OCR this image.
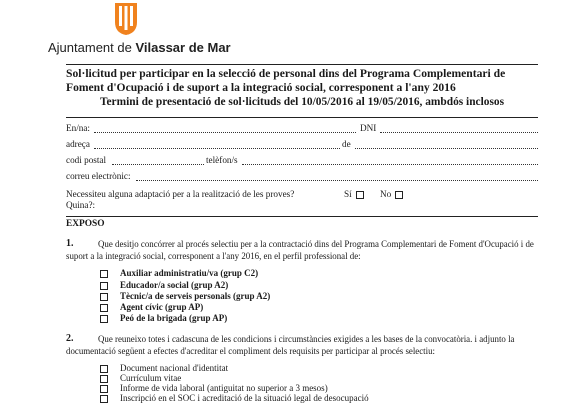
Ajuntament de Vilassar de Mar
Sol·licitud per participar en la selecció de personal dins del Programa Complementari de Foment d'Ocupació i de suport a la integració social, corresponent a l'any 2016
Termini de presentació de sol·licituds del 10/05/2016 al 19/05/2016, ambdós inclosos
En/na:	DNI
adreça	de
codi postal	telèfon/s
correu electrònic:
Necessiteu alguna adaptació per a la realització de les proves?	Sí	No
Quina?:
EXPOSO
1.	Que desitjo concórrer al procés selectiu per a la contractació dins del Programa Complementari de Foment d'Ocupació i de suport a la integració social, corresponent a l'any 2016, en el perfil professional de:
Auxiliar administratiu/va (grup C2)
Educador/a social (grup A2)
Tècnic/a de serveis personals (grup A2)
Agent cívic (grup AP)
Peó de la brigada (grup AP)
2.	Que reuneixo totes i cadascuna de les condicions i circumstàncies exigides a les bases de la convocatòria. i adjunto la documentació següent a efectes d'acreditar el compliment dels requisits per participar al procés selectiu:
Document nacional d'identitat
Currículum vitae
Informe de vida laboral (antiguitat no superior a 3 mesos)
Inscripció en el SOC i acreditació de la situació legal de desocupació
